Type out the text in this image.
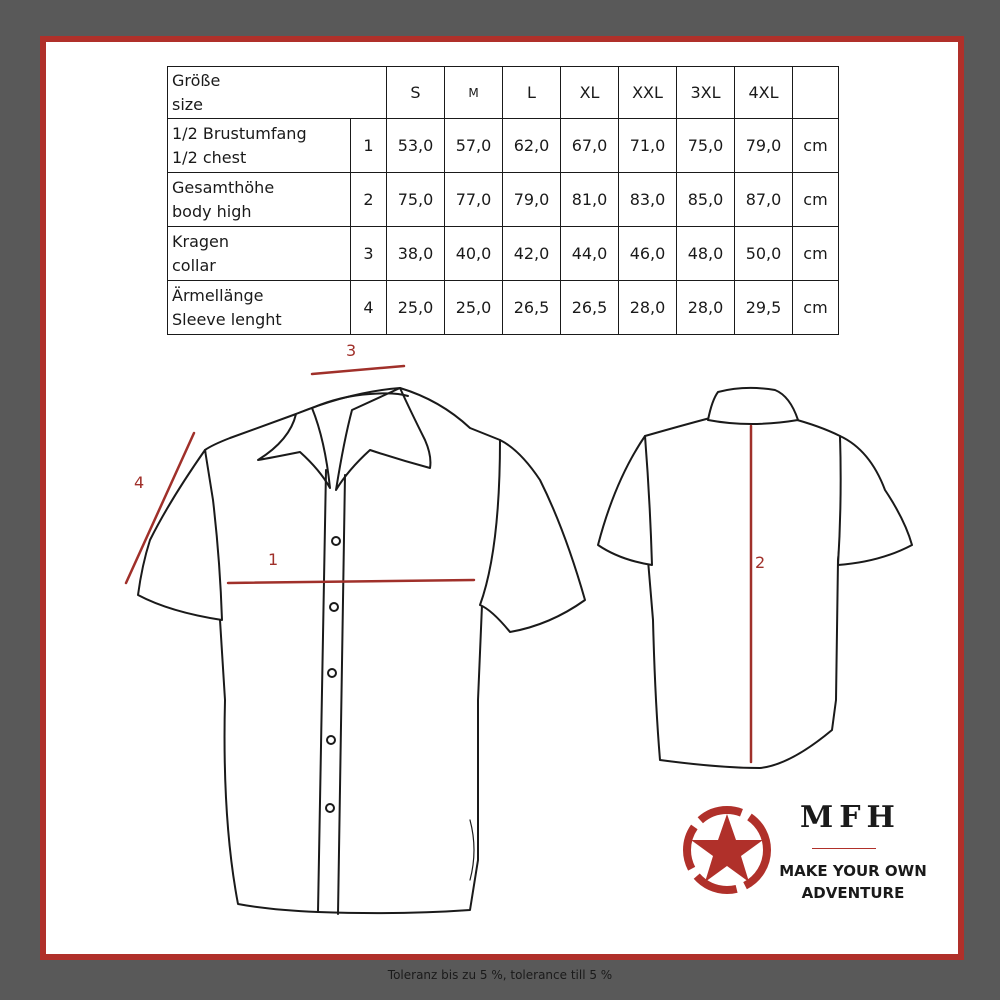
Größe
size		S	M	L	XL	XXL	3XL	4XL	

1/2 Brustumfang
1/2 chest	1	53,0	57,0	62,0	67,0	71,0	75,0	79,0	cm

Gesamthöhe
body high	2	75,0	77,0	79,0	81,0	83,0	85,0	87,0	cm

Kragen
collar	3	38,0	40,0	42,0	44,0	46,0	48,0	50,0	cm

Ärmellänge
Sleeve lenght	4	25,0	25,0	26,5	26,5	28,0	28,0	29,5	cm
1
3
4
2
MFH
MAKE YOUR OWN
ADVENTURE
Toleranz bis zu 5 %, tolerance till 5 %
